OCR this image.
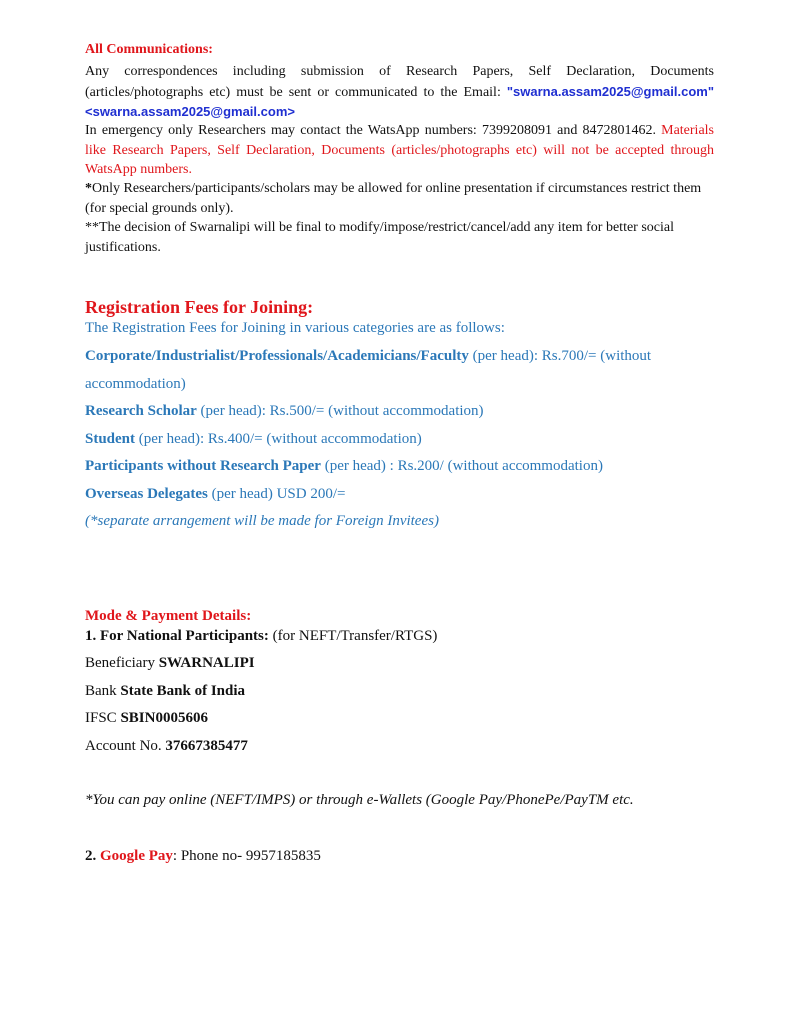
All Communications:
Any correspondences including submission of Research Papers, Self Declaration, Documents (articles/photographs etc) must be sent or communicated to the Email: "swarna.assam2025@gmail.com" <swarna.assam2025@gmail.com>
In emergency only Researchers may contact the WatsApp numbers: 7399208091 and 8472801462. Materials like Research Papers, Self Declaration, Documents (articles/photographs etc) will not be accepted through WatsApp numbers.
*Only Researchers/participants/scholars may be allowed for online presentation if circumstances restrict them (for special grounds only).
**The decision of Swarnalipi will be final to modify/impose/restrict/cancel/add any item for better social justifications.
Registration Fees for Joining:
The Registration Fees for Joining in various categories are as follows:
Corporate/Industrialist/Professionals/Academicians/Faculty (per head): Rs.700/= (without accommodation)
Research Scholar (per head): Rs.500/= (without accommodation)
Student (per head): Rs.400/= (without accommodation)
Participants without Research Paper (per head) : Rs.200/ (without accommodation)
Overseas Delegates (per head) USD 200/=
(*separate arrangement will be made for Foreign Invitees)
Mode & Payment Details:
1. For National Participants: (for NEFT/Transfer/RTGS)
Beneficiary SWARNALIPI
Bank State Bank of India
IFSC SBIN0005606
Account No. 37667385477
*You can pay online (NEFT/IMPS) or through e-Wallets (Google Pay/PhonePe/PayTM etc.
2. Google Pay: Phone no- 9957185835
